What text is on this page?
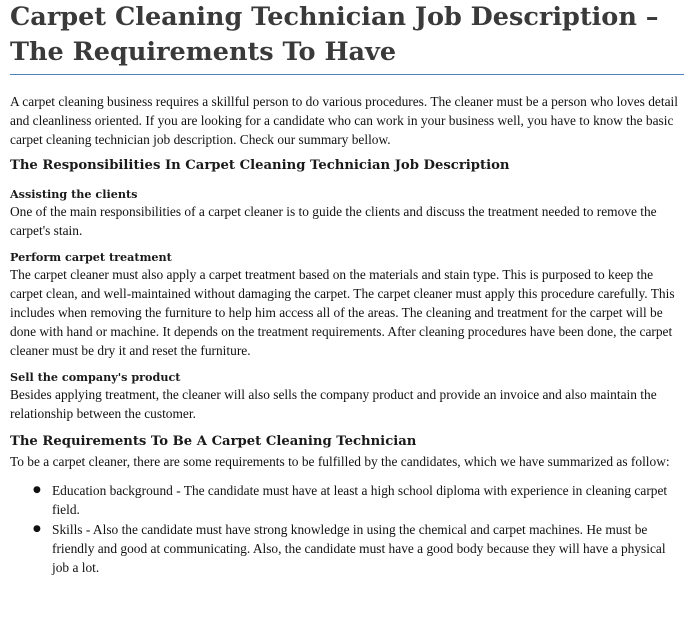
Carpet Cleaning Technician Job Description – The Requirements To Have

A carpet cleaning business requires a skillful person to do various procedures. The cleaner must be a person who loves detail and cleanliness oriented. If you are looking for a candidate who can work in your business well, you have to know the basic carpet cleaning technician job description. Check our summary bellow.

The Responsibilities In Carpet Cleaning Technician Job Description
Assisting the clients

One of the main responsibilities of a carpet cleaner is to guide the clients and discuss the treatment needed to remove the carpet's stain.

Perform carpet treatment

The carpet cleaner must also apply a carpet treatment based on the materials and stain type. This is purposed to keep the carpet clean, and well-maintained without damaging the carpet. The carpet cleaner must apply this procedure carefully. This includes when removing the furniture to help him access all of the areas. The cleaning and treatment for the carpet will be done with hand or machine. It depends on the treatment requirements. After cleaning procedures have been done, the carpet cleaner must be dry it and reset the furniture.

Sell the company's product

Besides applying treatment, the cleaner will also sells the company product and provide an invoice and also maintain the relationship between the customer.

The Requirements To Be A Carpet Cleaning Technician

To be a carpet cleaner, there are some requirements to be fulfilled by the candidates, which we have summarized as follow:

● Education background - The candidate must have at least a high school diploma with experience in cleaning carpet field.
● Skills - Also the candidate must have strong knowledge in using the chemical and carpet machines. He must be friendly and good at communicating. Also, the candidate must have a good body because they will have a physical job a lot.
